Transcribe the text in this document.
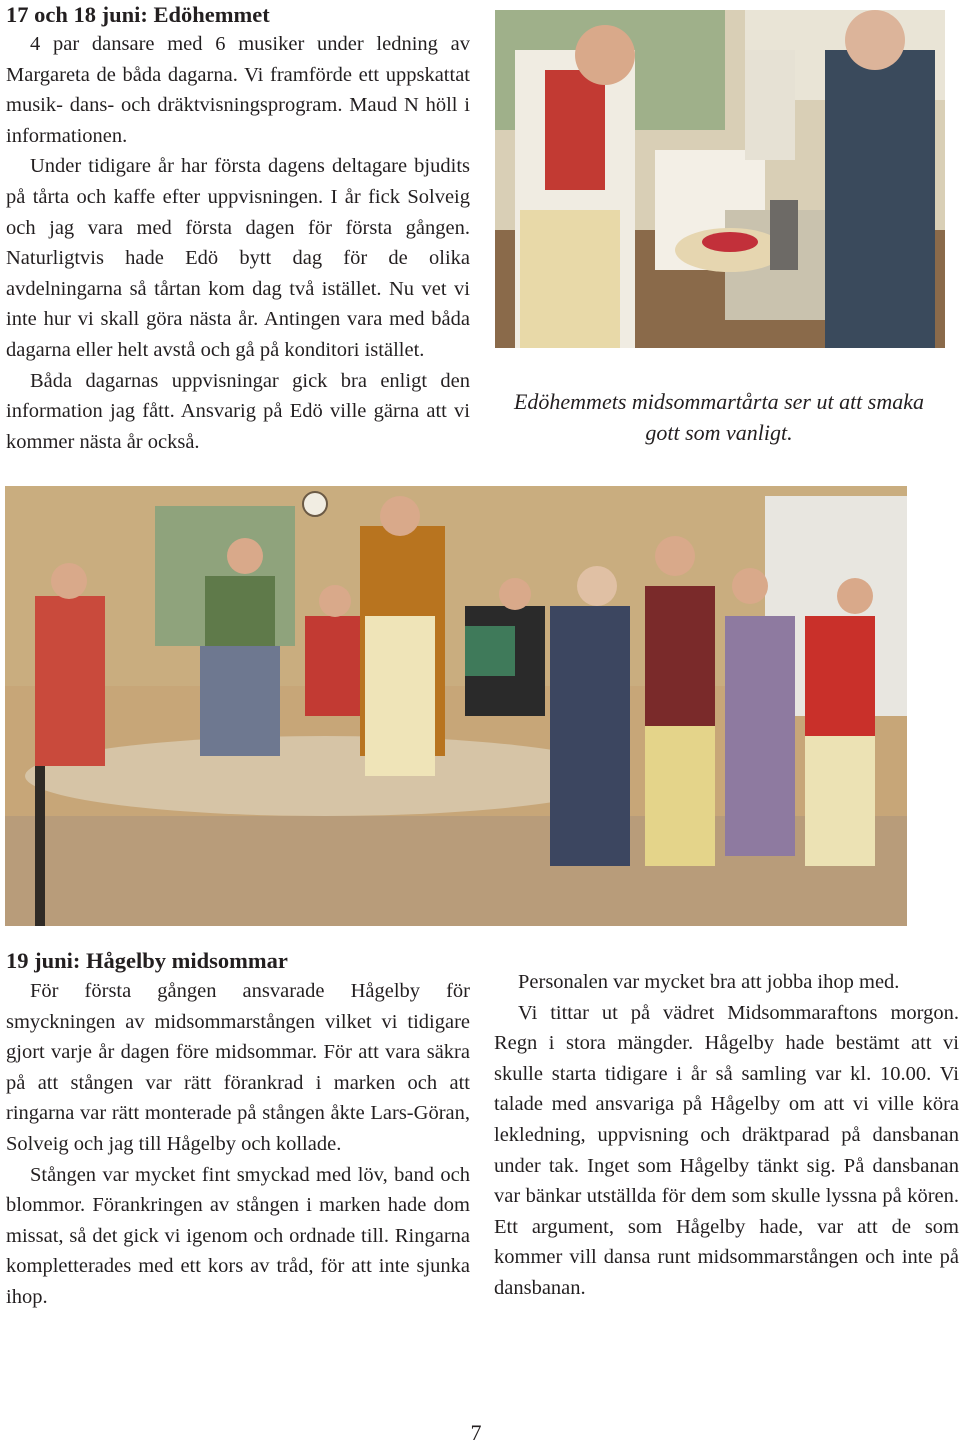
17 och 18 juni: Edöhemmet

4 par dansare med 6 musiker under ledning av Margareta de båda dagarna. Vi framförde ett uppskattat musik- dans- och dräktvisningsprogram. Maud N höll i informationen.

Under tidigare år har första dagens deltagare bjudits på tårta och kaffe efter uppvisningen. I år fick Solveig och jag vara med första dagen för första gången. Naturligtvis hade Edö bytt dag för de olika avdelningarna så tårtan kom dag två istället. Nu vet vi inte hur vi skall göra nästa år. Antingen vara med båda dagarna eller helt avstå och gå på konditori istället.

Båda dagarnas uppvisningar gick bra enligt den information jag fått. Ansvarig på Edö ville gärna att vi kommer nästa år också.

Edöhemmets midsommartårta ser ut att smaka gott som vanligt.
19 juni: Hågelby midsommar

För första gången ansvarade Hågelby för smyckningen av midsommarstången vilket vi tidigare gjort varje år dagen före midsommar. För att vara säkra på att stången var rätt förankrad i marken och att ringarna var rätt monterade på stången åkte Lars-Göran, Solveig och jag till Hågelby och kollade.

Stången var mycket fint smyckad med löv, band och blommor. Förankringen av stången i marken hade dom missat, så det gick vi igenom och ordnade till. Ringarna kompletterades med ett kors av tråd, för att inte sjunka ihop.

Personalen var mycket bra att jobba ihop med.

Vi tittar ut på vädret Midsommaraftons morgon. Regn i stora mängder. Hågelby hade bestämt att vi skulle starta tidigare i år så samling var kl. 10.00. Vi talade med ansvariga på Hågelby om att vi ville köra lekledning, uppvisning och dräktparad på dansbanan under tak. Inget som Hågelby tänkt sig. På dansbanan var bänkar utställda för dem som skulle lyssna på kören. Ett argument, som Hågelby hade, var att de som kommer vill dansa runt midsommarstången och inte på dansbanan.

7
